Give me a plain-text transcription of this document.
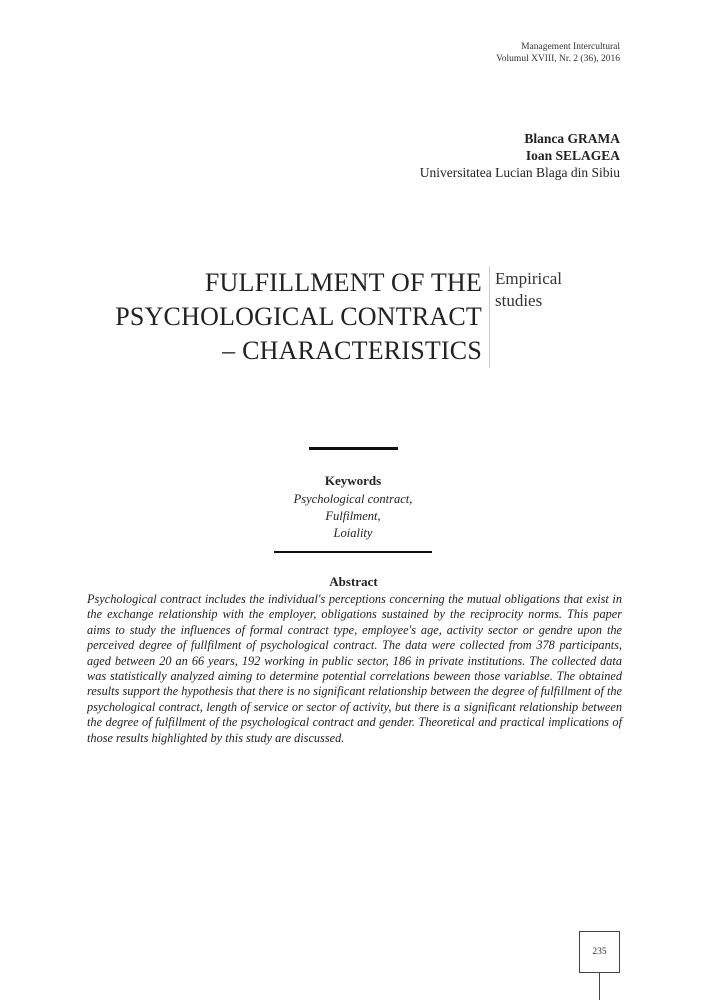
Management Intercultural
Volumul XVIII, Nr. 2 (36), 2016
Blanca GRAMA
Ioan SELAGEA
Universitatea Lucian Blaga din Sibiu
FULFILLMENT OF THE
PSYCHOLOGICAL CONTRACT
– CHARACTERISTICS
Empirical studies
Keywords
Psychological contract,
Fulfilment,
Loiality
Abstract
Psychological contract includes the individual's perceptions concerning the mutual obligations that exist in the exchange relationship with the employer, obligations sustained by the reciprocity norms. This paper aims to study the influences of formal contract type, employee's age, activity sector or gendre upon the perceived degree of fullfilment of psychological contract. The data were collected from 378 participants, aged between 20 an 66 years, 192 working in public sector, 186 in private institutions. The collected data was statistically analyzed aiming to determine potential correlations beween those variablse. The obtained results support the hypothesis that there is no significant relationship between the degree of fulfillment of the psychological contract, length of service or sector of activity, but there is a significant relationship between the degree of fulfillment of the psychological contract and gender. Theoretical and practical implications of those results highlighted by this study are discussed.
235
